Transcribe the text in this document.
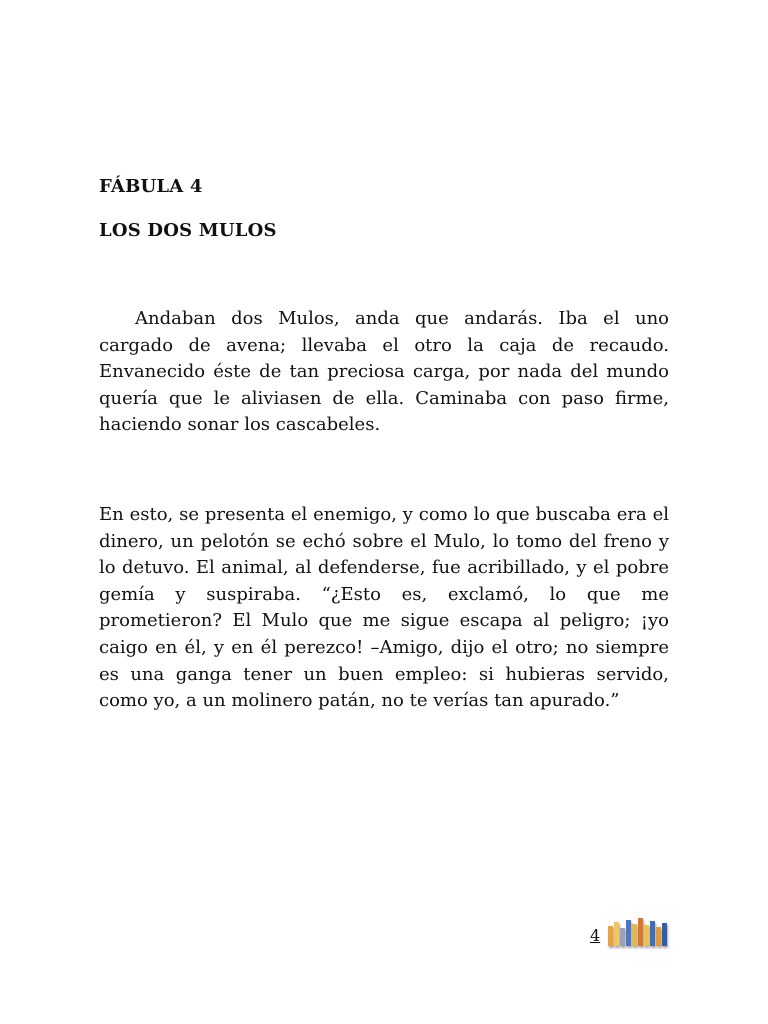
FÁBULA 4
LOS DOS MULOS

Andaban dos Mulos, anda que andarás. Iba el uno cargado de avena; llevaba el otro la caja de recaudo. Envanecido éste de tan preciosa carga, por nada del mundo quería que le aliviasen de ella. Caminaba con paso firme, haciendo sonar los cascabeles.

En esto, se presenta el enemigo, y como lo que buscaba era el dinero, un pelotón se echó sobre el Mulo, lo tomo del freno y lo detuvo. El animal, al defenderse, fue acribillado, y el pobre gemía y suspiraba. “¿Esto es, exclamó, lo que me prometieron? El Mulo que me sigue escapa al peligro; ¡yo caigo en él, y en él perezco! –Amigo, dijo el otro; no siempre es una ganga tener un buen empleo: si hubieras servido, como yo, a un molinero patán, no te verías tan apurado.”

4
